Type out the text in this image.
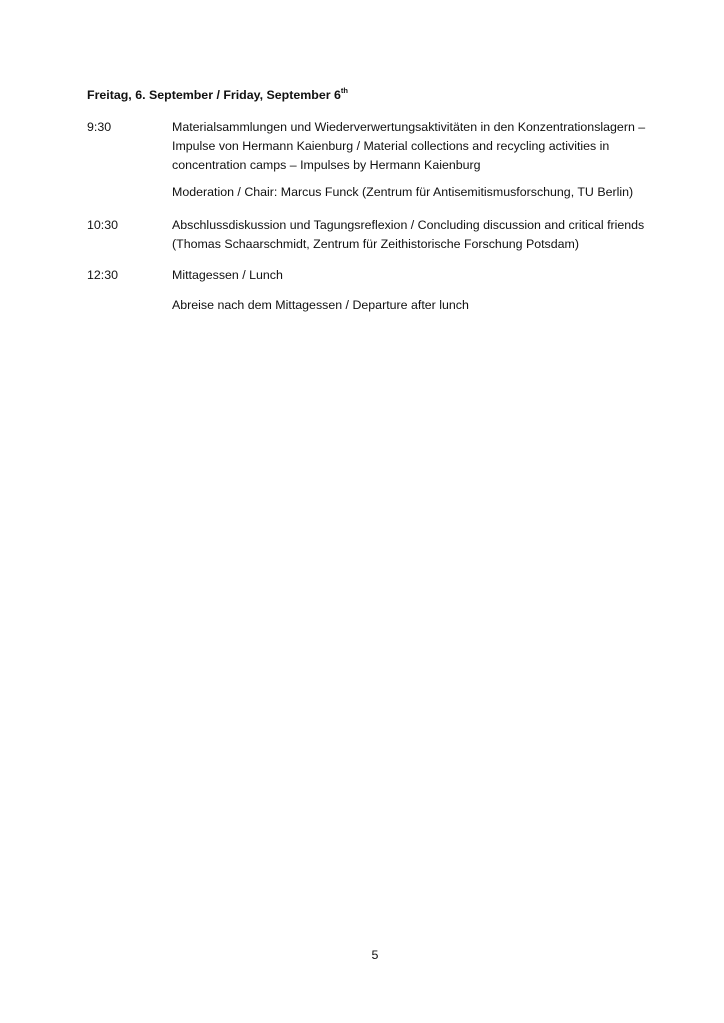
Freitag, 6. September / Friday, September 6th
9:30	Materialsammlungen und Wiederverwertungsaktivitäten in den Konzentrationslagern – Impulse von Hermann Kaienburg / Material collections and recycling activities in concentration camps – Impulses by Hermann Kaienburg
Moderation / Chair: Marcus Funck (Zentrum für Antisemitismusforschung, TU Berlin)
10:30	Abschlussdiskussion und Tagungsreflexion / Concluding discussion and critical friends (Thomas Schaarschmidt, Zentrum für Zeithistorische Forschung Potsdam)
12:30	Mittagessen / Lunch
Abreise nach dem Mittagessen / Departure after lunch
5
